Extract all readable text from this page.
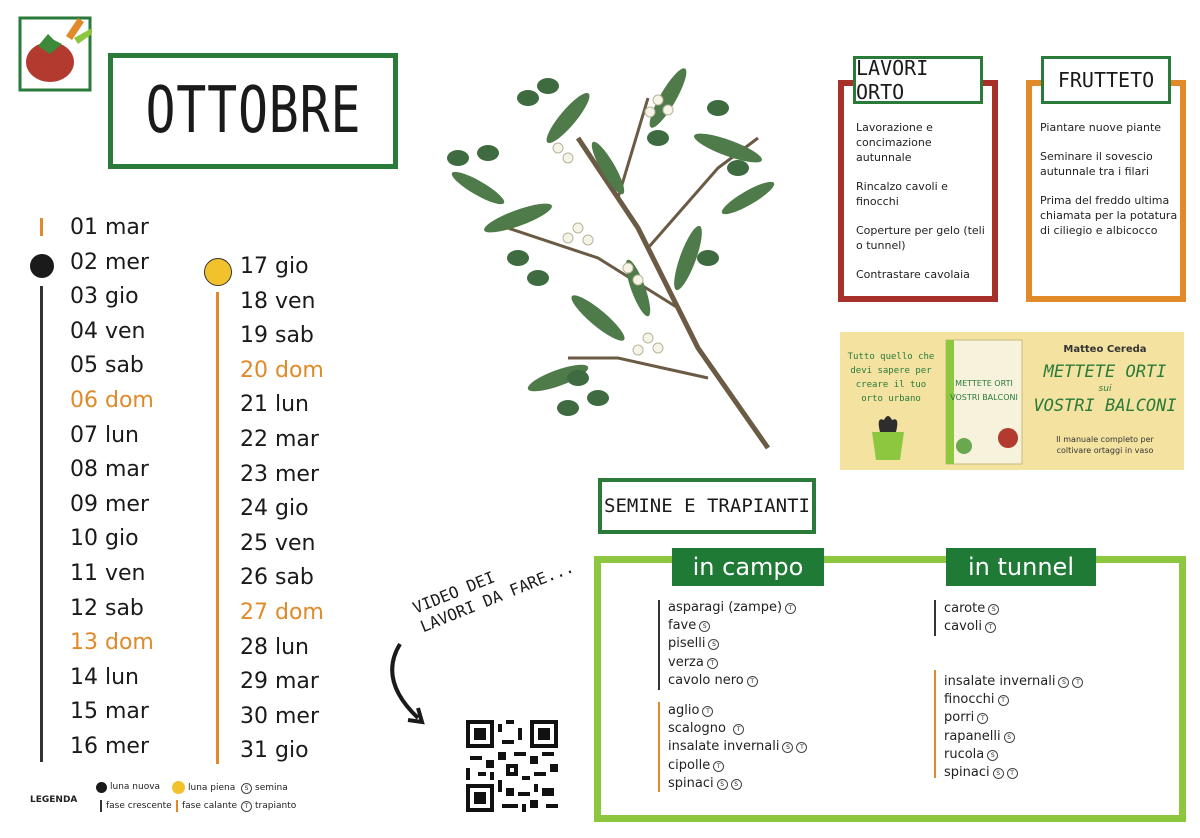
OTTOBRE
01 mar
02 mer
03 gio
04 ven
05 sab
06 dom
07 lun
08 mar
09 mer
10 gio
11 ven
12 sab
13 dom
14 lun
15 mar
16 mer
17 gio
18 ven
19 sab
20 dom
21 lun
22 mar
23 mer
24 gio
25 ven
26 sab
27 dom
28 lun
29 mar
30 mer
31 gio
Lavorazione e concimazione autunnale
Rincalzo cavoli e finocchi
Coperture per gelo (teli o tunnel)
Contrastare cavolaia
LAVORI ORTO
Piantare nuove piante
Seminare il sovescio autunnale tra i filari
Prima del freddo ultima chiamata per la potatura di ciliegio e albicocco
FRUTTETO
Tutto quello che devi sapere per creare il tuo orto urbano
METTETE ORTI
VOSTRI BALCONI
Matteo Cereda
METTETE ORTI
sui
VOSTRI BALCONI
Il manuale completo per coltivare ortaggi in vaso
SEMINE E TRAPIANTI
in campo	in tunnel
asparagi (zampe) T
fave S
piselli S
verza T
cavolo nero T
aglio T
scalogno T
insalate invernali S T
cipolle T
spinaci S S
carote S
cavoli T
insalate invernali S T
finocchi T
porri T
rapanelli S
rucola S
spinaci S T
VIDEO DEI
LAVORI DA FARE...
LEGENDA
luna nuova	luna piena	S semina
fase crescente fase calante	T trapianto
